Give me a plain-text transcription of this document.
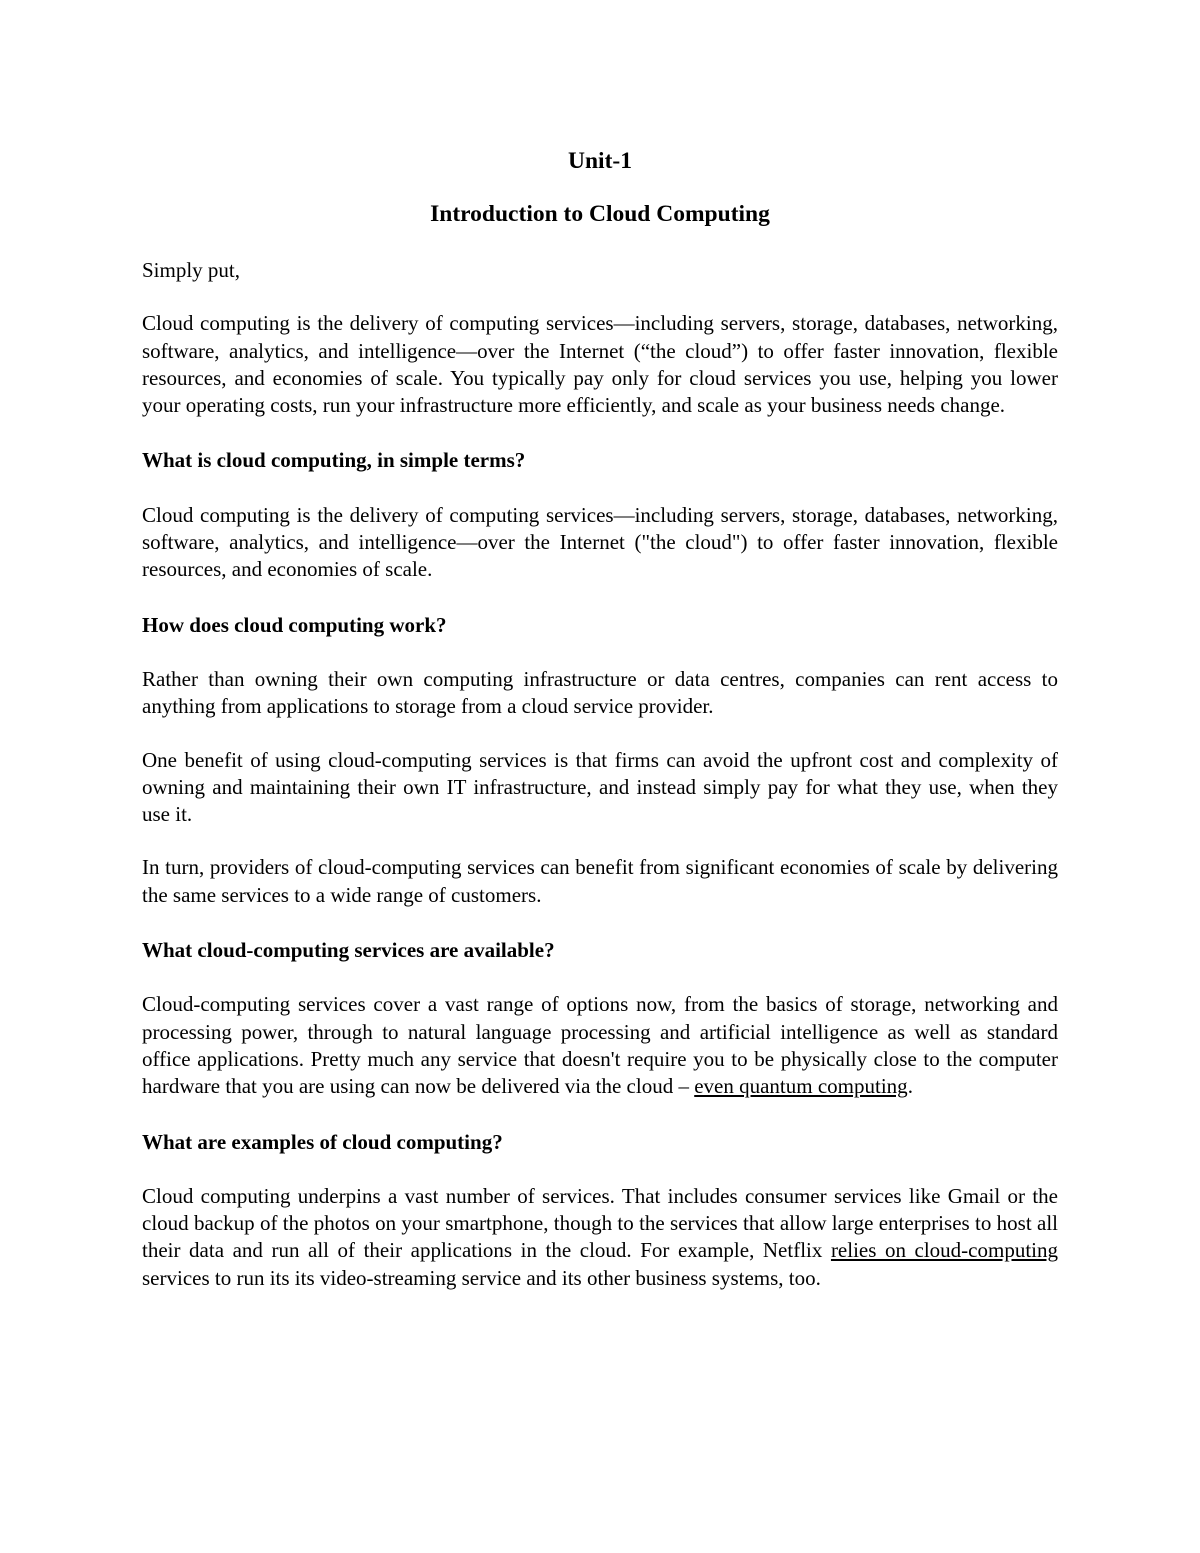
Unit-1
Introduction to Cloud Computing

Simply put,

Cloud computing is the delivery of computing services—including servers, storage, databases, networking, software, analytics, and intelligence—over the Internet (“the cloud”) to offer faster innovation, flexible resources, and economies of scale. You typically pay only for cloud services you use, helping you lower your operating costs, run your infrastructure more efficiently, and scale as your business needs change.

What is cloud computing, in simple terms?

Cloud computing is the delivery of computing services—including servers, storage, databases, networking, software, analytics, and intelligence—over the Internet ("the cloud") to offer faster innovation, flexible resources, and economies of scale.

How does cloud computing work?

Rather than owning their own computing infrastructure or data centres, companies can rent access to anything from applications to storage from a cloud service provider.

One benefit of using cloud-computing services is that firms can avoid the upfront cost and complexity of owning and maintaining their own IT infrastructure, and instead simply pay for what they use, when they use it.

In turn, providers of cloud-computing services can benefit from significant economies of scale by delivering the same services to a wide range of customers.

What cloud-computing services are available?

Cloud-computing services cover a vast range of options now, from the basics of storage, networking and processing power, through to natural language processing and artificial intelligence as well as standard office applications. Pretty much any service that doesn't require you to be physically close to the computer hardware that you are using can now be delivered via the cloud – even quantum computing.

What are examples of cloud computing?

Cloud computing underpins a vast number of services. That includes consumer services like Gmail or the cloud backup of the photos on your smartphone, though to the services that allow large enterprises to host all their data and run all of their applications in the cloud. For example, Netflix relies on cloud-computing services to run its its video-streaming service and its other business systems, too.
